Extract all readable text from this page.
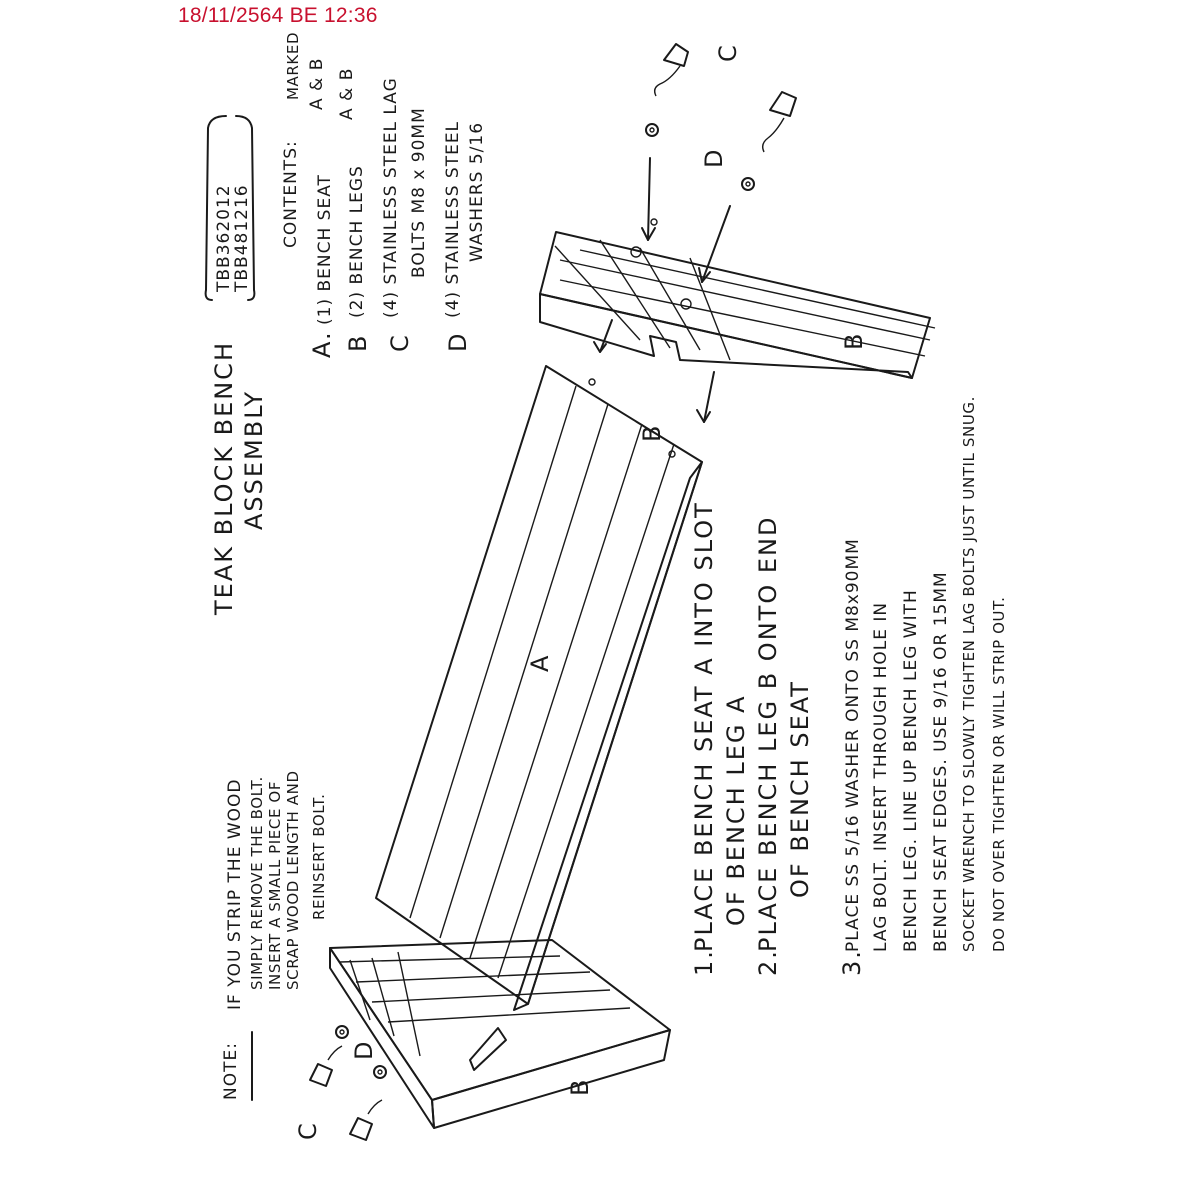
18/11/2564 BE 12:36
TEAK BLOCK BENCH ASSEMBLY
TBB362012
TBB481216 CONTENTS:
MARKED
A.
(1) BENCH SEAT
A & B
B
(2) BENCH LEGS
A & B
C
(4) STAINLESS STEEL LAG BOLTS M8 x 90MM
D
(4) STAINLESS STEEL WASHERS 5/16
B
D
C
A
B
B
D
C
NOTE:
IF YOU STRIP THE WOOD SIMPLY REMOVE THE BOLT. INSERT A SMALL PIECE OF SCRAP WOOD LENGTH AND REINSERT BOLT.
1.
PLACE BENCH SEAT A INTO SLOT OF BENCH LEG A
2.
PLACE BENCH LEG B ONTO END OF BENCH SEAT
3.
PLACE SS 5/16 WASHER ONTO SS M8x90MM LAG BOLT. INSERT THROUGH HOLE IN BENCH LEG. LINE UP BENCH LEG WITH BENCH SEAT EDGES. USE 9/16 OR 15MM SOCKET WRENCH TO SLOWLY TIGHTEN LAG BOLTS JUST UNTIL SNUG. DO NOT OVER TIGHTEN OR WILL STRIP OUT.
